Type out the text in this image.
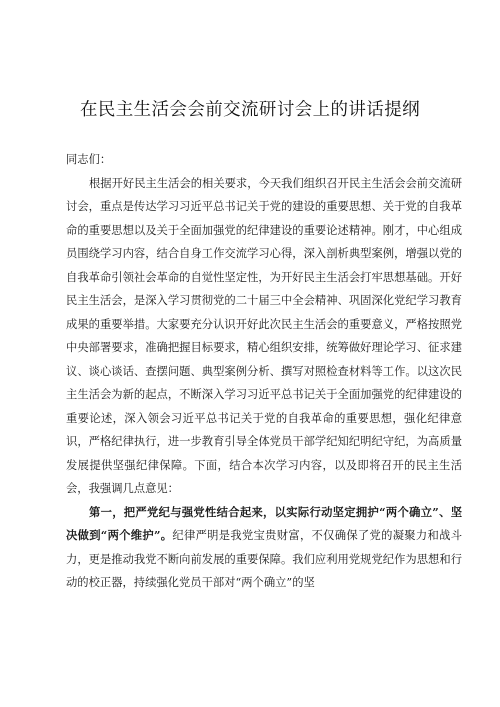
在民主生活会会前交流研讨会上的讲话提纲

同志们：

根据开好民主生活会的相关要求，今天我们组织召开民主生活会会前交流研讨会，重点是传达学习习近平总书记关于党的建设的重要思想、关于党的自我革命的重要思想以及关于全面加强党的纪律建设的重要论述精神。刚才，中心组成员围绕学习内容，结合自身工作交流学习心得，深入剖析典型案例，增强以党的自我革命引领社会革命的自觉性坚定性，为开好民主生活会打牢思想基础。开好民主生活会，是深入学习贯彻党的二十届三中全会精神、巩固深化党纪学习教育成果的重要举措。大家要充分认识开好此次民主生活会的重要意义，严格按照党中央部署要求，准确把握目标要求，精心组织安排，统筹做好理论学习、征求建议、谈心谈话、查摆问题、典型案例分析、撰写对照检查材料等工作。以这次民主生活会为新的起点，不断深入学习习近平总书记关于全面加强党的纪律建设的重要论述，深入领会习近平总书记关于党的自我革命的重要思想，强化纪律意识，严格纪律执行，进一步教育引导全体党员干部学纪知纪明纪守纪，为高质量发展提供坚强纪律保障。下面，结合本次学习内容，以及即将召开的民主生活会，我强调几点意见：

第一，把严党纪与强党性结合起来，以实际行动坚定拥护“两个确立”、坚决做到“两个维护”。纪律严明是我党宝贵财富，不仅确保了党的凝聚力和战斗力，更是推动我党不断向前发展的重要保障。我们应利用党规党纪作为思想和行动的校正器，持续强化党员干部对“两个确立”的坚
